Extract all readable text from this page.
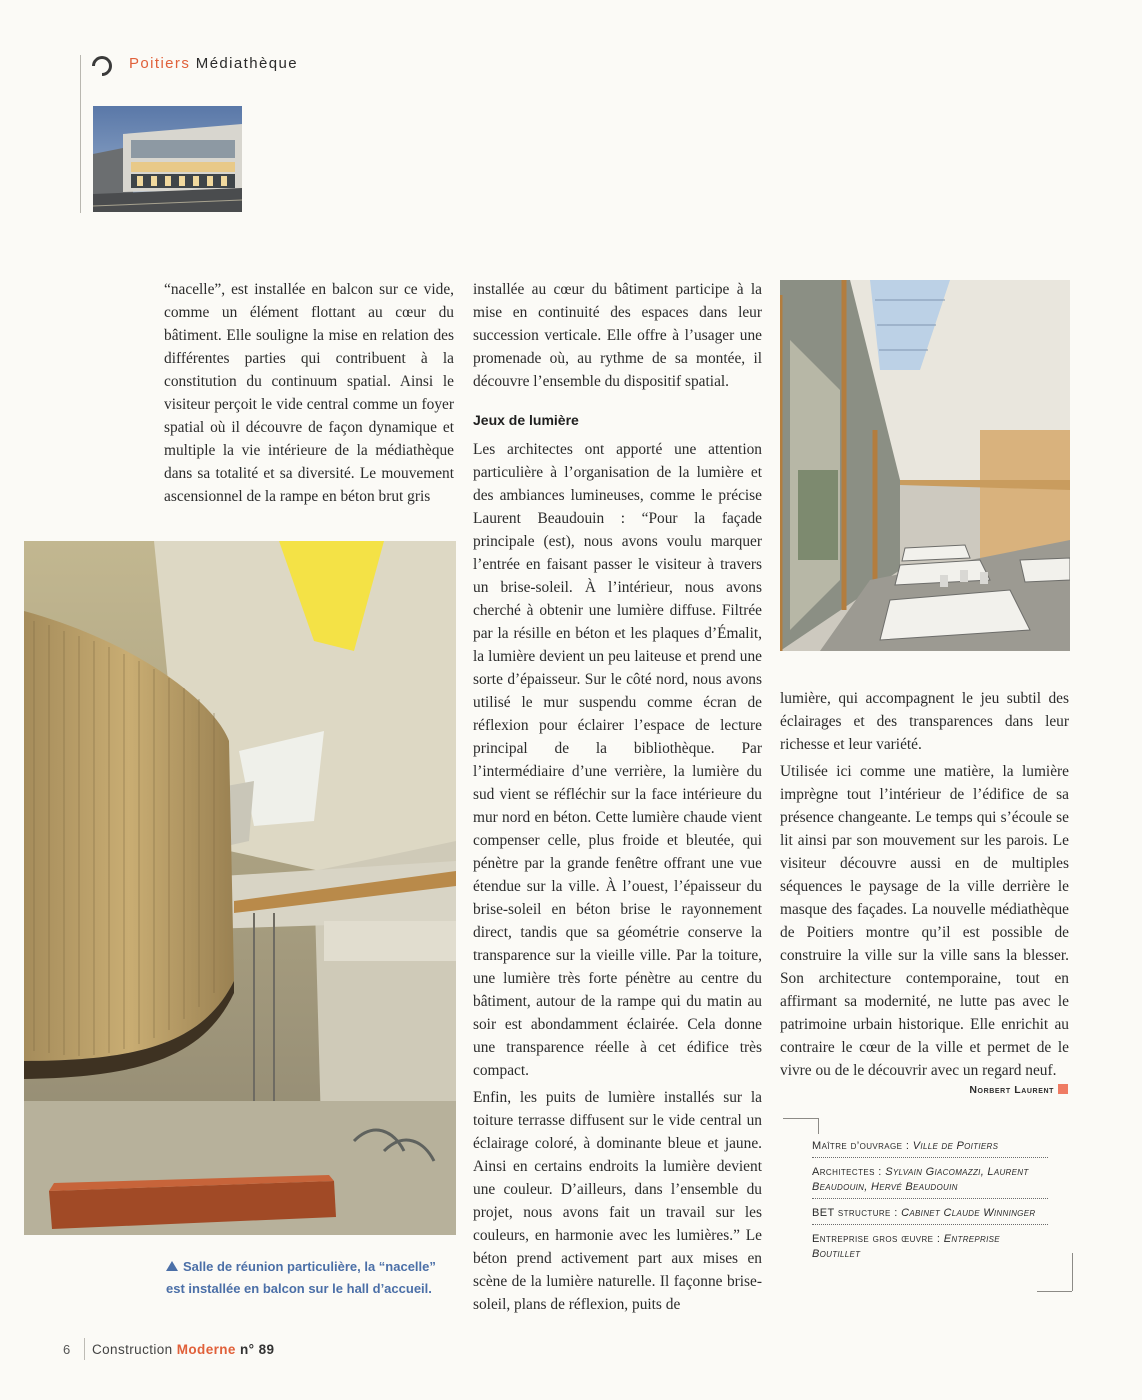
Poitiers Médiathèque

“nacelle”, est installée en balcon sur ce vide, comme un élément flottant au cœur du bâtiment. Elle souligne la mise en relation des différentes parties qui contribuent à la constitution du continuum spatial. Ainsi le visiteur perçoit le vide central comme un foyer spatial où il découvre de façon dynamique et multiple la vie intérieure de la médiathèque dans sa totalité et sa diversité. Le mouvement ascensionnel de la rampe en béton brut gris

installée au cœur du bâtiment participe à la mise en continuité des espaces dans leur succession verticale. Elle offre à l’usager une promenade où, au rythme de sa montée, il découvre l’ensemble du dispositif spatial.

Jeux de lumière

Les architectes ont apporté une attention particulière à l’organisation de la lumière et des ambiances lumineuses, comme le précise Laurent Beaudouin : “Pour la façade principale (est), nous avons voulu marquer l’entrée en faisant passer le visiteur à travers un brise-soleil. À l’intérieur, nous avons cherché à obtenir une lumière diffuse. Filtrée par la résille en béton et les plaques d’Émalit, la lumière devient un peu laiteuse et prend une sorte d’épaisseur. Sur le côté nord, nous avons utilisé le mur suspendu comme écran de réflexion pour éclairer l’espace de lecture principal de la bibliothèque. Par l’intermédiaire d’une verrière, la lumière du sud vient se réfléchir sur la face intérieure du mur nord en béton. Cette lumière chaude vient compenser celle, plus froide et bleutée, qui pénètre par la grande fenêtre offrant une vue étendue sur la ville. À l’ouest, l’épaisseur du brise-soleil en béton brise le rayonnement direct, tandis que sa géométrie conserve la transparence sur la vieille ville. Par la toiture, une lumière très forte pénètre au centre du bâtiment, autour de la rampe qui du matin au soir est abondamment éclairée. Cela donne une transparence réelle à cet édifice très compact.

Enfin, les puits de lumière installés sur la toiture terrasse diffusent sur le vide central un éclairage coloré, à dominante bleue et jaune. Ainsi en certains endroits la lumière devient une couleur. D’ailleurs, dans l’ensemble du projet, nous avons fait un travail sur les couleurs, en harmonie avec les lumières.” Le béton prend activement part aux mises en scène de la lumière naturelle. Il façonne brise-soleil, plans de réflexion, puits de

lumière, qui accompagnent le jeu subtil des éclairages et des transparences dans leur richesse et leur variété.

Utilisée ici comme une matière, la lumière imprègne tout l’intérieur de l’édifice de sa présence changeante. Le temps qui s’écoule se lit ainsi par son mouvement sur les parois. Le visiteur découvre aussi en de multiples séquences le paysage de la ville derrière le masque des façades. La nouvelle médiathèque de Poitiers montre qu’il est possible de construire la ville sur la ville sans la blesser. Son architecture contemporaine, tout en affirmant sa modernité, ne lutte pas avec le patrimoine urbain historique. Elle enrichit au contraire le cœur de la ville et permet de le vivre ou de le découvrir avec un regard neuf.

Norbert Laurent
Salle de réunion particulière, la “nacelle” est installée en balcon sur le hall d’accueil.
Maître d’ouvrage : Ville de Poitiers
Architectes : Sylvain Giacomazzi, Laurent Beaudouin, Hervé Beaudouin
BET structure : Cabinet Claude Winninger
Entreprise gros œuvre : Entreprise Boutillet
6 Construction Moderne n° 89
